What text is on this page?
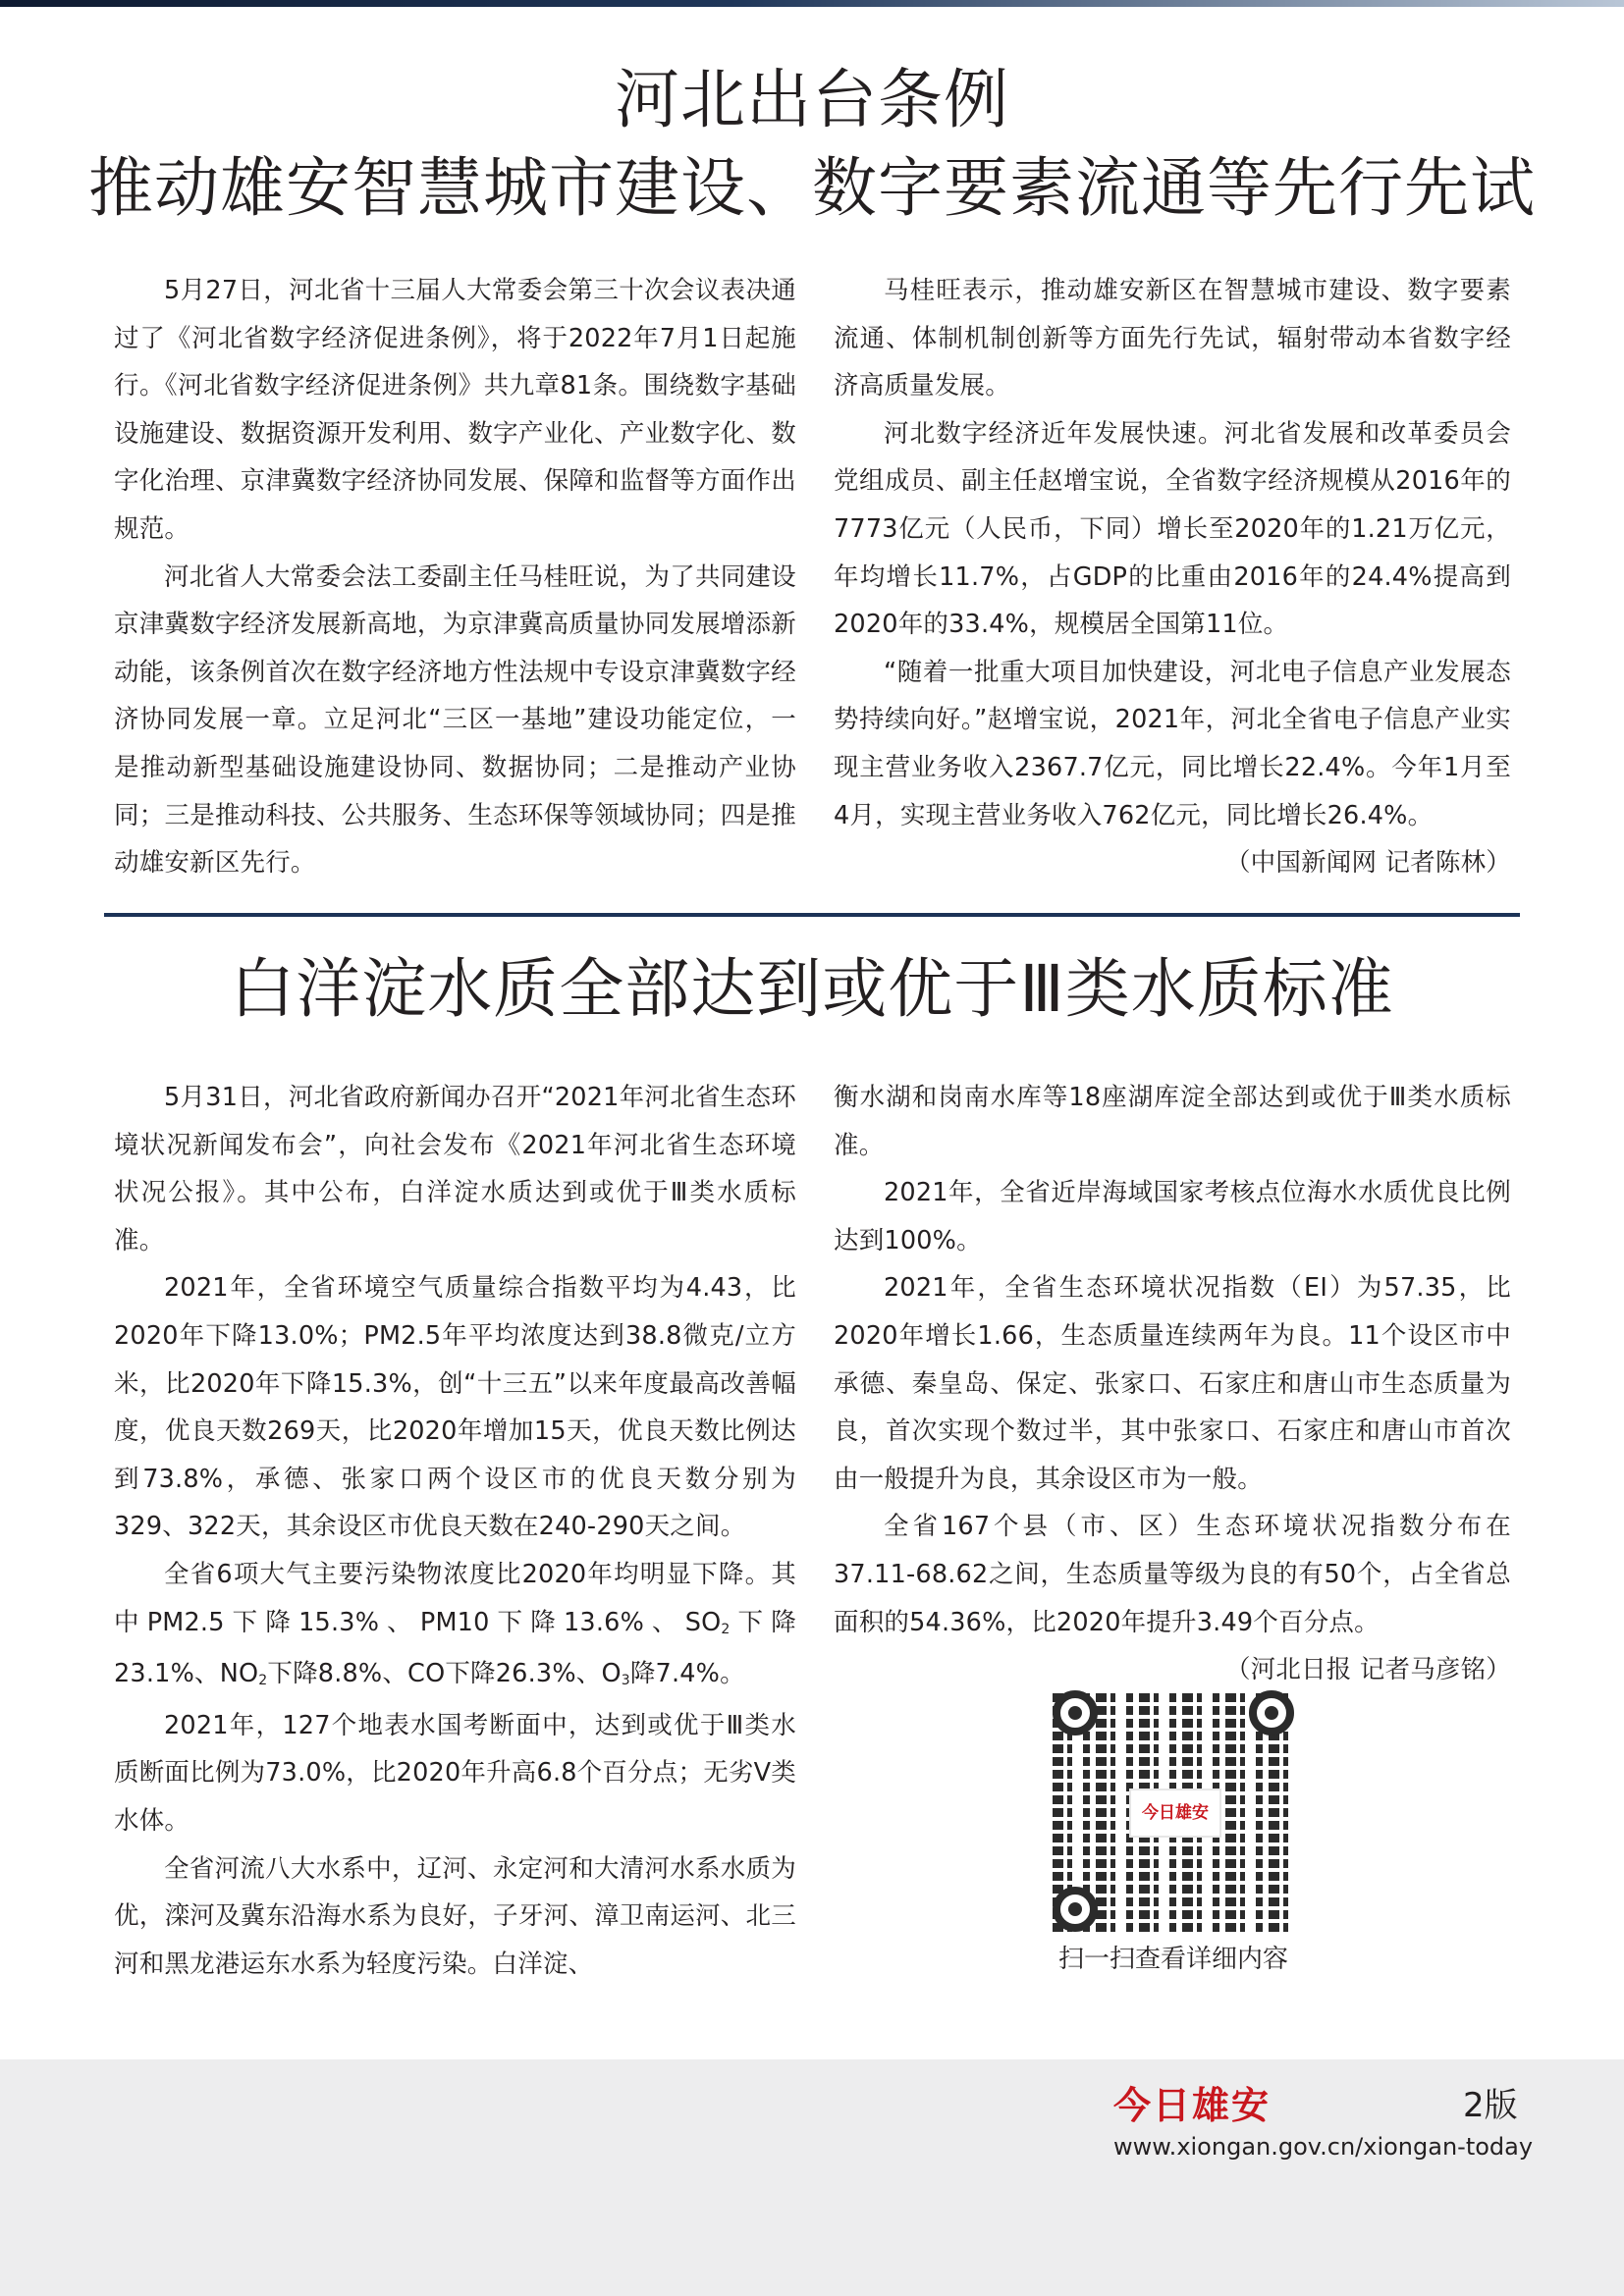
河北出台条例
推动雄安智慧城市建设、数字要素流通等先行先试

5月27日，河北省十三届人大常委会第三十次会议表决通过了《河北省数字经济促进条例》，将于2022年7月1日起施行。《河北省数字经济促进条例》共九章81条。围绕数字基础设施建设、数据资源开发利用、数字产业化、产业数字化、数字化治理、京津冀数字经济协同发展、保障和监督等方面作出规范。

河北省人大常委会法工委副主任马桂旺说，为了共同建设京津冀数字经济发展新高地，为京津冀高质量协同发展增添新动能，该条例首次在数字经济地方性法规中专设京津冀数字经济协同发展一章。立足河北“三区一基地”建设功能定位，一是推动新型基础设施建设协同、数据协同；二是推动产业协同；三是推动科技、公共服务、生态环保等领域协同；四是推动雄安新区先行。

马桂旺表示，推动雄安新区在智慧城市建设、数字要素流通、体制机制创新等方面先行先试，辐射带动本省数字经济高质量发展。

河北数字经济近年发展快速。河北省发展和改革委员会党组成员、副主任赵增宝说，全省数字经济规模从2016年的7773亿元（人民币，下同）增长至2020年的1.21万亿元，年均增长11.7%，占GDP的比重由2016年的24.4%提高到2020年的33.4%，规模居全国第11位。

“随着一批重大项目加快建设，河北电子信息产业发展态势持续向好。”赵增宝说，2021年，河北全省电子信息产业实现主营业务收入2367.7亿元，同比增长22.4%。今年1月至4月，实现主营业务收入762亿元，同比增长26.4%。

（中国新闻网 记者陈林）

白洋淀水质全部达到或优于Ⅲ类水质标准

5月31日，河北省政府新闻办召开“2021年河北省生态环境状况新闻发布会”，向社会发布《2021年河北省生态环境状况公报》。其中公布，白洋淀水质达到或优于Ⅲ类水质标准。

2021年，全省环境空气质量综合指数平均为4.43，比2020年下降13.0%；PM2.5年平均浓度达到38.8微克/立方米，比2020年下降15.3%，创“十三五”以来年度最高改善幅度，优良天数269天，比2020年增加15天，优良天数比例达到73.8%，承德、张家口两个设区市的优良天数分别为329、322天，其余设区市优良天数在240-290天之间。

全省6项大气主要污染物浓度比2020年均明显下降。其中PM2.5下降15.3%、PM10下降13.6%、$SO_2$下降23.1%、$NO_2$下降8.8%、CO下降26.3%、$O_3$降7.4%。

2021年，127个地表水国考断面中，达到或优于Ⅲ类水质断面比例为73.0%，比2020年升高6.8个百分点；无劣Ⅴ类水体。

全省河流八大水系中，辽河、永定河和大清河水系水质为优，滦河及冀东沿海水系为良好，子牙河、漳卫南运河、北三河和黑龙港运东水系为轻度污染。白洋淀、

衡水湖和岗南水库等18座湖库淀全部达到或优于Ⅲ类水质标准。

2021年，全省近岸海域国家考核点位海水水质优良比例达到100%。

2021年，全省生态环境状况指数（EI）为57.35，比2020年增长1.66，生态质量连续两年为良。11个设区市中承德、秦皇岛、保定、张家口、石家庄和唐山市生态质量为良，首次实现个数过半，其中张家口、石家庄和唐山市首次由一般提升为良，其余设区市为一般。

全省167个县（市、区）生态环境状况指数分布在37.11-68.62之间，生态质量等级为良的有50个，占全省总面积的54.36%，比2020年提升3.49个百分点。

（河北日报 记者马彦铭）

今日雄安
扫一扫查看详细内容
今日雄安	2版
www.xiongan.gov.cn/xiongan-today
